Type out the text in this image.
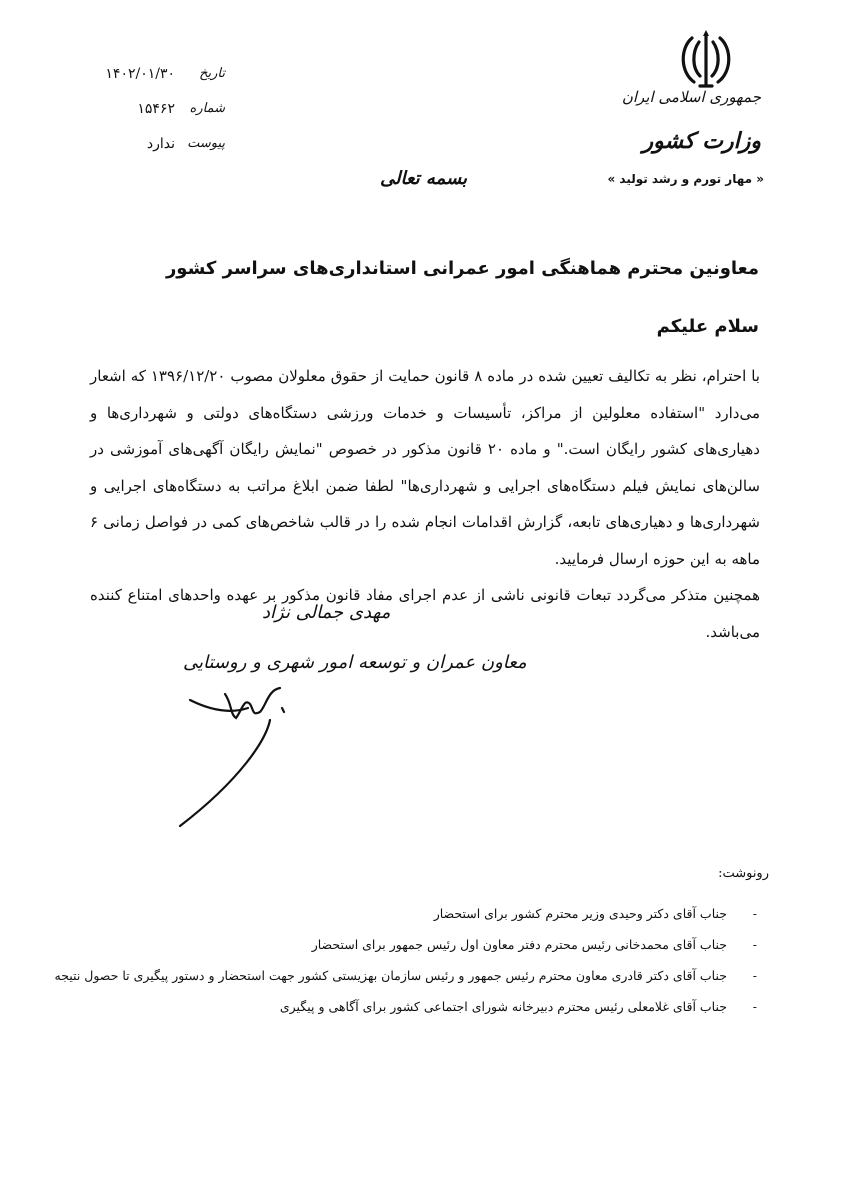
تاریخ
۱۴۰۲/۰۱/۳۰
شماره
۱۵۴۶۲
پیوست
ندارد
جمهوری اسلامی ایران
وزارت کشور
« مهار تورم و رشد تولید »
بسمه تعالی
معاونین محترم هماهنگی امور عمرانی استانداری‌های سراسر کشور
سلام علیکم

با احترام، نظر به تکالیف تعیین شده در ماده ۸ قانون حمایت از حقوق معلولان مصوب ۱۳۹۶/۱۲/۲۰ که اشعار می‌دارد "استفاده معلولین از مراکز، تأسیسات و خدمات ورزشی دستگاه‌های دولتی و شهرداری‌ها و دهیاری‌های کشور رایگان است." و ماده ۲۰ قانون مذکور در خصوص "نمایش رایگان آگهی‌های آموزشی در سالن‌های نمایش فیلم دستگاه‌های اجرایی و شهرداری‌ها" لطفا ضمن ابلاغ مراتب به دستگاه‌های اجرایی و شهرداری‌ها و دهیاری‌های تابعه، گزارش اقدامات انجام شده را در قالب شاخص‌های کمی در فواصل زمانی ۶ ماهه به این حوزه ارسال فرمایید.

همچنین متذکر می‌گردد تبعات قانونی ناشی از عدم اجرای مفاد قانون مذکور بر عهده واحدهای امتناع کننده می‌باشد.

مهدی جمالی نژاد
معاون عمران و توسعه امور شهری و روستایی
رونوشت:
-
جناب آقای دکتر وحیدی وزیر محترم کشور برای استحضار
-
جناب آقای محمدخانی رئیس محترم دفتر معاون اول رئیس جمهور برای استحضار
-
جناب آقای دکتر قادری معاون محترم رئیس جمهور و رئیس سازمان بهزیستی کشور جهت استحضار و دستور پیگیری تا حصول نتیجه
-
جناب آقای غلامعلی رئیس محترم دبیرخانه شورای اجتماعی کشور برای آگاهی و پیگیری
